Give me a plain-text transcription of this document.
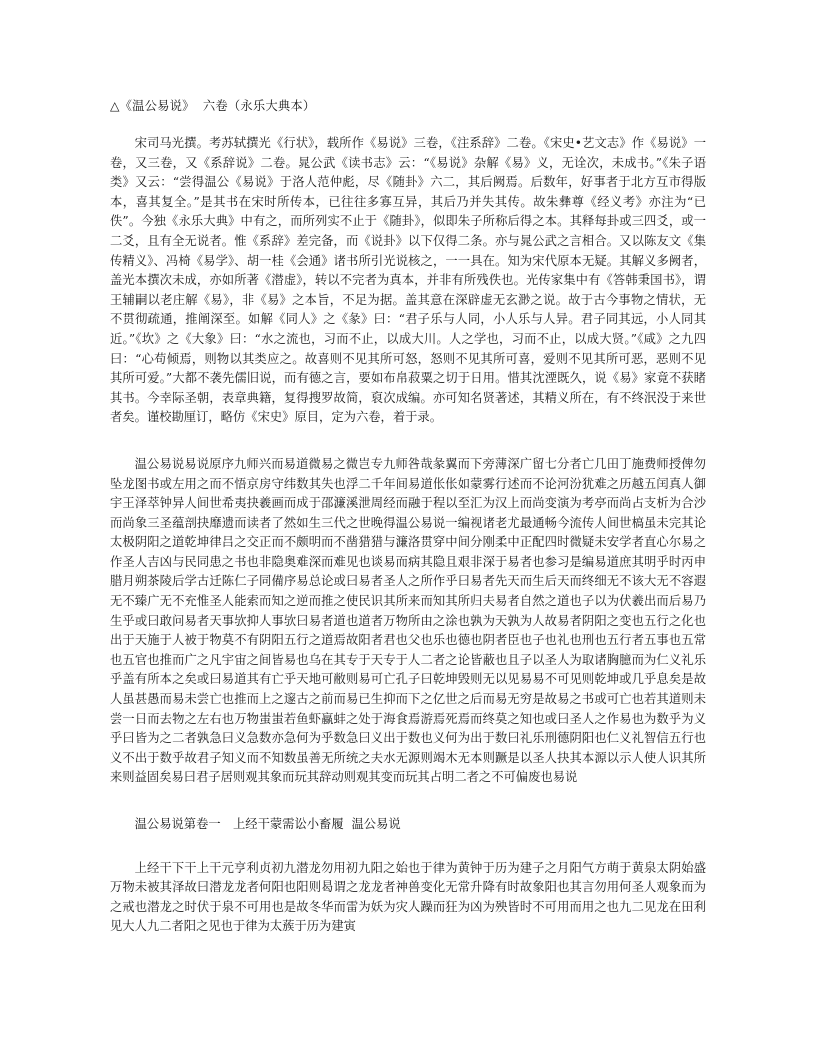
△《温公易说》  六卷（永乐大典本）

宋司马光撰。考苏轼撰光《行状》，载所作《易说》三卷，《注系辞》二卷。《宋史•艺文志》作《易说》一卷，又三卷，又《系辞说》二卷。晁公武《读书志》云：“《易说》杂解《易》义，无诠次，未成书。”《朱子语类》又云：“尝得温公《易说》于洛人范仲彪，尽《随卦》六二，其后阙焉。后数年，好事者于北方互市得版本，喜其复全。”是其书在宋时所传本，已往往多寡互异，其后乃并失其传。故朱彝尊《经义考》亦注为“已佚”。今独《永乐大典》中有之，而所列实不止于《随卦》，似即朱子所称后得之本。其释每卦或三四爻，或一二爻，且有全无说者。惟《系辞》差完备，而《说卦》以下仅得二条。亦与晁公武之言相合。又以陈友文《集传精义》、冯椅《易学》、胡一桂《会通》诸书所引光说核之，一一具在。知为宋代原本无疑。其解义多阙者，盖光本撰次未成，亦如所著《潜虚》，转以不完者为真本，并非有所残佚也。光传家集中有《答韩秉国书》，谓王辅嗣以老庄解《易》，非《易》之本旨，不足为据。盖其意在深辟虚无玄渺之说。故于古今事物之情状，无不贯彻疏通，推阐深至。如解《同人》之《彖》曰：“君子乐与人同，小人乐与人异。君子同其远，小人同其近。”《坎》之《大象》曰：“水之流也，习而不止，以成大川。人之学也，习而不止，以成大贤。”《咸》之九四曰：“心苟倾焉，则物以其类应之。故喜则不见其所可怒，怒则不见其所可喜，爱则不见其所可恶，恶则不见其所可爱。”大都不袭先儒旧说，而有德之言，要如布帛菽粟之切于日用。惜其沈湮既久，说《易》家竟不获睹其书。今幸际圣朝，表章典籍，复得搜罗故简，裒次成编。亦可知名贤著述，其精义所在，有不终泯没于来世者矣。谨校勘厘订，略仿《宋史》原目，定为六卷，着于录。

温公易说易说原序九师兴而易道微易之微岂专九师咎哉彖翼而下旁薄深广留七分者亡几田丁施费师授俾勿坠龙图书或左用之而不悟京房守纬数其失也浮二千年间易道伥伥如蒙雾行述而不论河汾犹难之历越五闰真人御宇王泽萃钟异人间世希夷抉羲画而成于邵濂溪泄周经而融于程以至汇为汉上而尚变演为考亭而尚占支析为合沙而尚象三圣蕴剖抉靡遗而读者了然如生三代之世晚得温公易说一编视诸老尤最通畅今流传人间世槁虽未完其论太极阴阳之道乾坤律吕之交正而不颇明而不凿猎猎与濂洛贯穿中间分刚柔中正配四时微疑未安学者直心尔易之作圣人吉凶与民同患之书也非隐奥难深而难见也谈易而病其隐且艰非深于易者也参习是编易道庶其明乎时丙申腊月朔茶陵后学古迁陈仁子同備序易总论或曰易者圣人之所作乎曰易者先天而生后天而终细无不该大无不容遐无不臻广无不充惟圣人能索而知之逆而推之使民识其所来而知其所归夫易者自然之道也子以为伏羲出而后易乃生乎或曰敢问易者天事欤抑人事欤曰易者道也道者万物所由之涂也孰为天孰为人故易者阴阳之变也五行之化也出于天施于人被于物莫不有阴阳五行之道焉故阳者君也父也乐也德也阴者臣也子也礼也刑也五行者五事也五常也五官也推而广之凡宇宙之间皆易也乌在其专于天专于人二者之论皆蔽也且子以圣人为取诸胸臆而为仁义礼乐乎盖有所本之矣或曰易道其有亡乎天地可敝则易可亡孔子曰乾坤毁则无以见易易不可见则乾坤或几乎息矣是故人虽甚愚而易未尝亡也推而上之邃古之前而易已生抑而下之亿世之后而易无穷是故易之书或可亡也若其道则未尝一日而去物之左右也万物蚩蚩若鱼虾蠃蚌之处于海食焉游焉死焉而终莫之知也或曰圣人之作易也为数乎为义乎曰皆为之二者孰急曰义急数亦急何为乎数急曰义出于数也义何为出于数曰礼乐刑德阴阳也仁义礼智信五行也义不出于数乎故君子知义而不知数虽善无所统之夫水无源则竭木无本则蹶是以圣人抉其本源以示人使人识其所来则益固矣易曰君子居则观其象而玩其辞动则观其变而玩其占明二者之不可偏废也易说

温公易说第卷一　上经干蒙需讼小畜履  温公易说

上经干下干上干元亨利贞初九潜龙勿用初九阳之始也于律为黄钟于历为建子之月阳气方萌于黄泉太阴始盛万物未被其泽故曰潜龙龙者何阳也阳则曷谓之龙龙者神兽变化无常升降有时故象阳也其言勿用何圣人观象而为之戒也潜龙之时伏于泉不可用也是故冬华而雷为妖为灾人躁而狂为凶为殃皆时不可用而用之也九二见龙在田利见大人九二者阳之见也于律为太蔟于历为建寅
